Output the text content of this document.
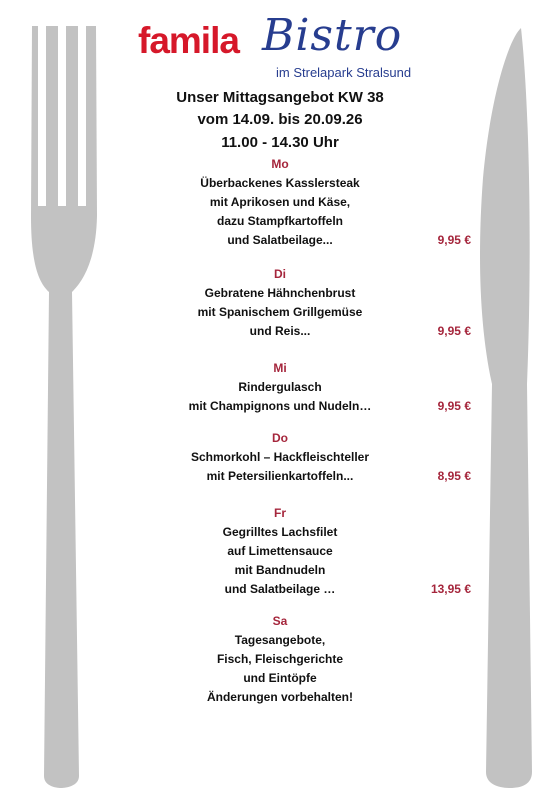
famila Bistro
im Strelapark Stralsund
Unser Mittagsangebot KW 38
vom 14.09. bis 20.09.26
11.00 - 14.30 Uhr
Mo
Überbackenes Kasslersteak
mit Aprikosen und Käse,
dazu Stampfkartoffeln
und Salatbeilage...	9,95 €
Di
Gebratene Hähnchenbrust
mit Spanischem Grillgemüse
und Reis...	9,95 €
Mi
Rindergulasch
mit Champignons und Nudeln…	9,95 €
Do
Schmorkohl – Hackfleischteller
mit Petersilienkartoffeln...	8,95 €
Fr
Gegrilltes Lachsfilet
auf Limettensauce
mit Bandnudeln
und Salatbeilage …	13,95 €
Sa
Tagesangebote,
Fisch, Fleischgerichte
und Eintöpfe
Änderungen vorbehalten!
